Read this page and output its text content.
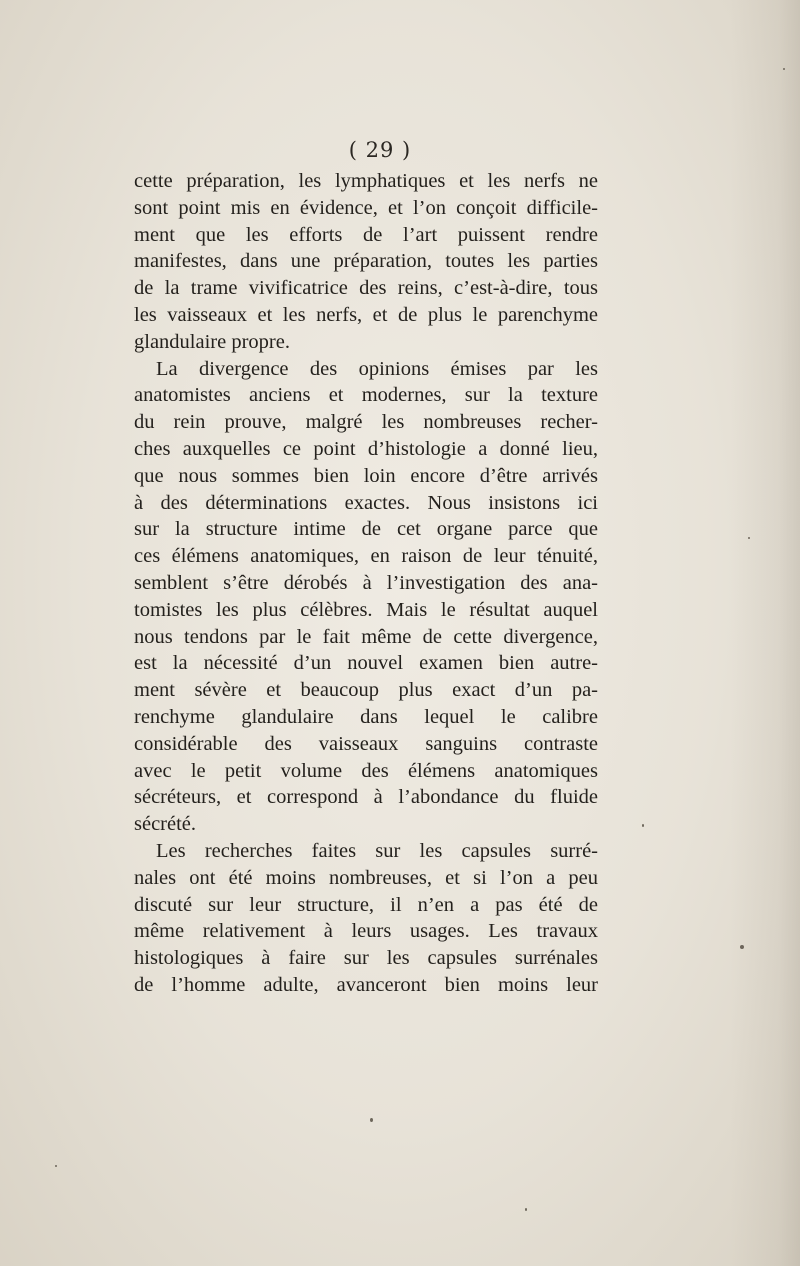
( 29 )

cette préparation, les lymphatiques et les nerfs ne
sont point mis en évidence, et l’on conçoit difficile-
ment que les efforts de l’art puissent rendre
manifestes, dans une préparation, toutes les parties
de la trame vivificatrice des reins, c’est-à-dire, tous
les vaisseaux et les nerfs, et de plus le parenchyme
glandulaire propre.
La divergence des opinions émises par les
anatomistes anciens et modernes, sur la texture
du rein prouve, malgré les nombreuses recher-
ches auxquelles ce point d’histologie a donné lieu,
que nous sommes bien loin encore d’être arrivés
à des déterminations exactes. Nous insistons ici
sur la structure intime de cet organe parce que
ces élémens anatomiques, en raison de leur ténuité,
semblent s’être dérobés à l’investigation des ana-
tomistes les plus célèbres. Mais le résultat auquel
nous tendons par le fait même de cette divergence,
est la nécessité d’un nouvel examen bien autre-
ment sévère et beaucoup plus exact d’un pa-
renchyme glandulaire dans lequel le calibre
considérable des vaisseaux sanguins contraste
avec le petit volume des élémens anatomiques
sécréteurs, et correspond à l’abondance du fluide
sécrété.
Les recherches faites sur les capsules surré-
nales ont été moins nombreuses, et si l’on a peu
discuté sur leur structure, il n’en a pas été de
même relativement à leurs usages. Les travaux
histologiques à faire sur les capsules surrénales
de l’homme adulte, avanceront bien moins leur
